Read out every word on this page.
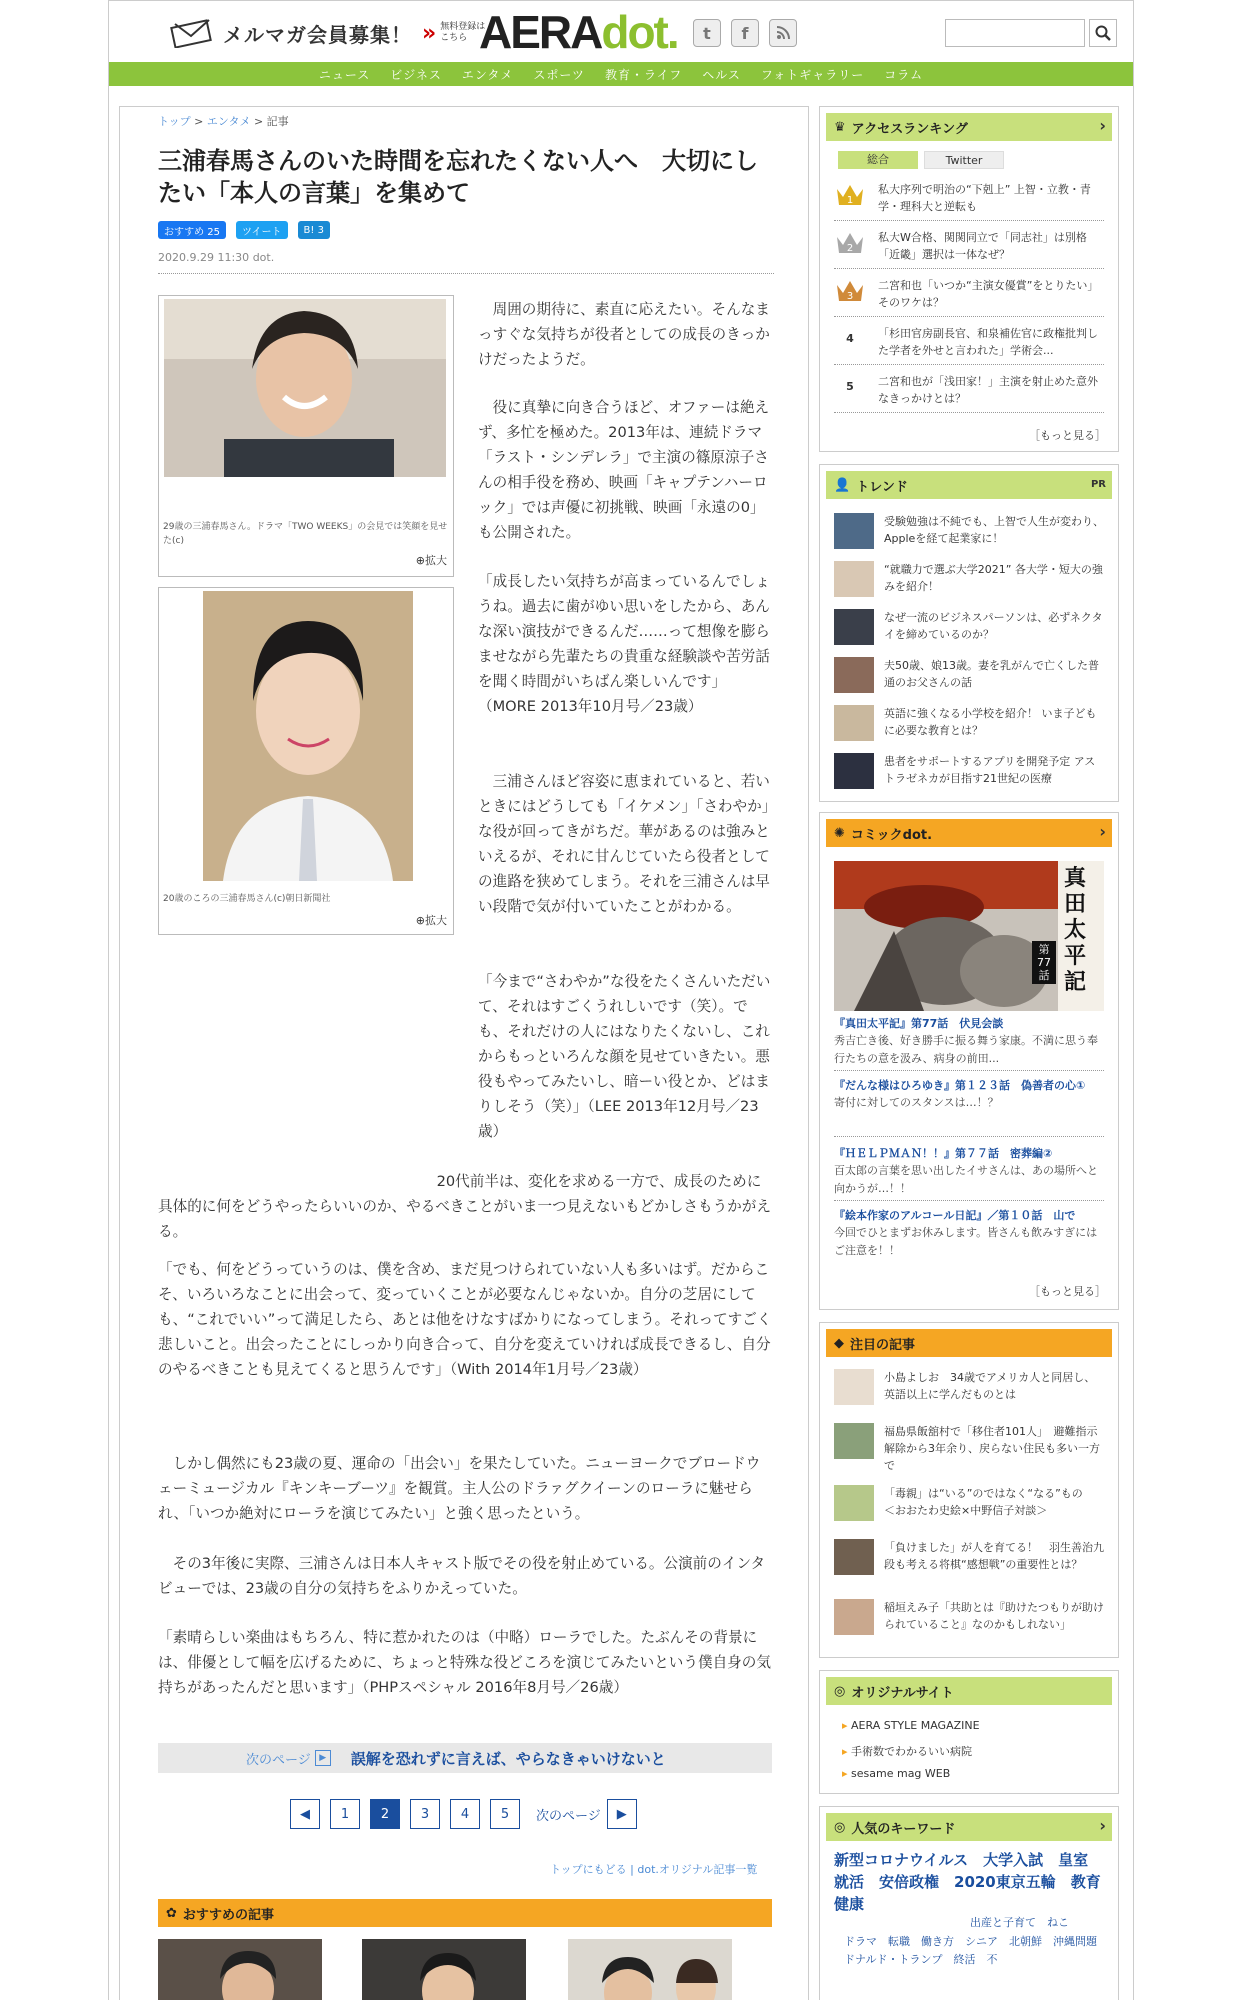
メルマガ会員募集！ » 無料登録はこちら AERAdot.	t	f
ニュース ビジネス エンタメ スポーツ 教育・ライフ ヘルス フォトギャラリー コラム
トップ > エンタメ > 記事
三浦春馬さんのいた時間を忘れたくない人へ　大切にしたい「本人の言葉」を集めて
おすすめ 25 ツイート B! 3
2020.9.29 11:30 dot.
29歳の三浦春馬さん。ドラマ「TWO WEEKS」の会見では笑顔を見せた(c)
⊕拡大
20歳のころの三浦春馬さん(c)朝日新聞社
⊕拡大

　周囲の期待に、素直に応えたい。そんなまっすぐな気持ちが役者としての成長のきっかけだったようだ。

　役に真摯に向き合うほど、オファーは絶えず、多忙を極めた。2013年は、連続ドラマ「ラスト・シンデレラ」で主演の篠原涼子さんの相手役を務め、映画「キャプテンハーロック」では声優に初挑戦、映画「永遠の0」も公開された。

「成長したい気持ちが高まっているんでしょうね。過去に歯がゆい思いをしたから、あんな深い演技ができるんだ……って想像を膨らませながら先輩たちの貴重な経験談や苦労話を聞く時間がいちばん楽しいんです」（MORE 2013年10月号／23歳）

　三浦さんほど容姿に恵まれていると、若いときにはどうしても「イケメン」「さわやか」な役が回ってきがちだ。華があるのは強みといえるが、それに甘んじていたら役者としての進路を狭めてしまう。それを三浦さんは早い段階で気が付いていたことがわかる。

「今まで“さわやか”な役をたくさんいただいて、それはすごくうれしいです（笑）。でも、それだけの人にはなりたくないし、これからもっといろんな顔を見せていきたい。悪役もやってみたいし、暗ーい役とか、どはまりしそう（笑）」（LEE 2013年12月号／23歳）

　20代前半は、変化を求める一方で、成長のために具体的に何をどうやったらいいのか、やるべきことがいま一つ見えないもどかしさもうかがえる。

「でも、何をどうっていうのは、僕を含め、まだ見つけられていない人も多いはず。だからこそ、いろいろなことに出会って、変っていくことが必要なんじゃないか。自分の芝居にしても、“これでいい”って満足したら、あとは他をけなすばかりになってしまう。それってすごく悲しいこと。出会ったことにしっかり向き合って、自分を変えていければ成長できるし、自分のやるべきことも見えてくると思うんです」（With 2014年1月号／23歳）

　しかし偶然にも23歳の夏、運命の「出会い」を果たしていた。ニューヨークでブロードウェーミュージカル『キンキーブーツ』を観賞。主人公のドラァグクイーンのローラに魅せられ、「いつか絶対にローラを演じてみたい」と強く思ったという。

　その3年後に実際、三浦さんは日本人キャスト版でその役を射止めている。公演前のインタビューでは、23歳の自分の気持ちをふりかえっていた。

「素晴らしい楽曲はもちろん、特に惹かれたのは（中略）ローラでした。たぶんその背景には、俳優として幅を広げるために、ちょっと特殊な役どころを演じてみたいという僕自身の気持ちがあったんだと思います」（PHPスペシャル 2016年8月号／26歳）

次のページ ▶	誤解を恐れずに言えば、やらなきゃいけないと
◀	1	2	3	4	5	次のページ	▶
トップにもどる | dot.オリジナル記事一覧
✿ おすすめの記事
♛ アクセスランキング	›
総合	Twitter
1
私大序列で明治の“下剋上” 上智・立教・青学・理科大と逆転も
2
私大W合格、関関同立で「同志社」は別格　「近畿」選択は一体なぜ？
3
二宮和也「いつか“主演女優賞”をとりたい」そのワケは？
4	「杉田官房副長官、和泉補佐官に政権批判した学者を外せと言われた」学術会...
5	二宮和也が「浅田家！」主演を射止めた意外なきっかけとは？
［もっと見る］
👤 トレンド	PR
受験勉強は不純でも、上智で人生が変わり、Appleを経て起業家に！
“就職力で選ぶ大学2021” 各大学・短大の強みを紹介！
なぜ一流のビジネスパーソンは、必ずネクタイを締めているのか？
夫50歳、娘13歳。妻を乳がんで亡くした普通のお父さんの話
英語に強くなる小学校を紹介！ いま子どもに必要な教育とは？
患者をサポートするアプリを開発予定 アストラゼネカが目指す21世紀の医療
✺ コミックdot.	›
真田太平記
第77話
『真田太平記』第77話　伏見会談
秀吉亡き後、好き勝手に振る舞う家康。不満に思う奉行たちの意を汲み、病身の前田...
『だんな様はひろゆき』第１２３話　偽善者の心①
寄付に対してのスタンスは…！？
『ＨＥＬＰＭＡＮ！！』第７７話　密葬編②
百太郎の言葉を思い出したイサさんは、あの場所へと向かうが…！！
『絵本作家のアルコール日記』／第１０話　山で
今回でひとまずお休みします。皆さんも飲みすぎにはご注意を！！
［もっと見る］
◆ 注目の記事
小島よしお　34歳でアメリカ人と同居し、英語以上に学んだものとは
福島県飯舘村で「移住者101人」　避難指示解除から3年余り、戻らない住民も多い一方で
「毒親」は“いる”のではなく“なる”もの　＜おおたわ史絵×中野信子対談＞
「負けました」が人を育てる！　羽生善治九段も考える将棋“感想戦”の重要性とは？
稲垣えみ子「共助とは『助けたつもりが助けられていること』なのかもしれない」
◎ オリジナルサイト
▸ AERA STYLE MAGAZINE
▸ 手術数でわかるいい病院
▸ sesame mag WEB
◎ 人気のキーワード	›
新型コロナウイルス　大学入試　皇室　就活　安倍政権　2020東京五輪　教育　健康
出産と子育て　ねこ
ドラマ　転職　働き方　シニア　北朝鮮　沖縄問題　ドナルド・トランプ　終活　不
